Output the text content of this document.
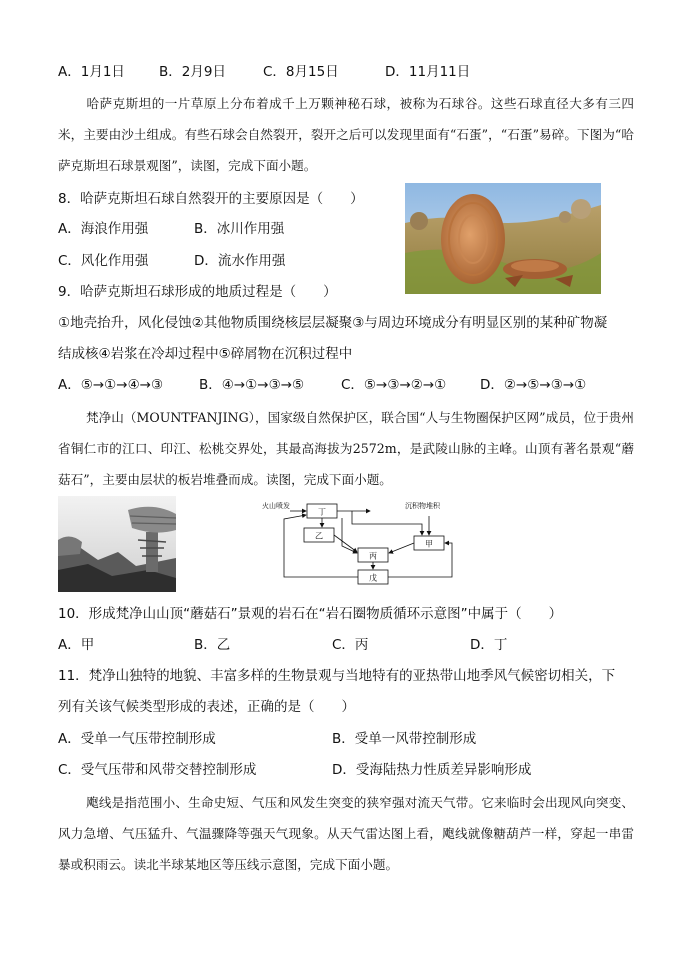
A．1月1日	B．2月9日	C．8月15日	D．11月11日
哈萨克斯坦的一片草原上分布着成千上万颗神秘石球，被称为石球谷。这些石球直径大多有三四米，主要由沙土组成。有些石球会自然裂开，裂开之后可以发现里面有“石蛋”，“石蛋”易碎。下图为“哈萨克斯坦石球景观图”，读图，完成下面小题。
8．哈萨克斯坦石球自然裂开的主要原因是（　　）
A．海浪作用强	B．冰川作用强
C．风化作用强	D．流水作用强
9．哈萨克斯坦石球形成的地质过程是（　　）
①地壳抬升，风化侵蚀②其他物质围绕核层层凝聚③与周边环境成分有明显区别的某种矿物凝
结成核④岩浆在冷却过程中⑤碎屑物在沉积过程中
A．⑤→①→④→③	B．④→①→③→⑤	C．⑤→③→②→① D．②→⑤→③→①
梵净山（MOUNTFANJING），国家级自然保护区，联合国“人与生物圈保护区网”成员，位于贵州省铜仁市的江口、印江、松桃交界处，其最高海拔为2572m，是武陵山脉的主峰。山顶有著名景观“蘑菇石”，主要由层状的板岩堆叠而成。读图，完成下面小题。
火山喷发	沉积物堆积
丁
乙
丙
甲
戊
10．形成梵净山山顶“蘑菇石”景观的岩石在“岩石圈物质循环示意图”中属于（　　）
A．甲	B．乙	C．丙	D．丁
11．梵净山独特的地貌、丰富多样的生物景观与当地特有的亚热带山地季风气候密切相关，下
列有关该气候类型形成的表述，正确的是（　　）
A．受单一气压带控制形成	B．受单一风带控制形成
C．受气压带和风带交替控制形成	D．受海陆热力性质差异影响形成
飑线是指范围小、生命史短、气压和风发生突变的狭窄强对流天气带。它来临时会出现风向突变、风力急增、气压猛升、气温骤降等强天气现象。从天气雷达图上看，飑线就像糖葫芦一样，穿起一串雷暴或积雨云。读北半球某地区等压线示意图，完成下面小题。
